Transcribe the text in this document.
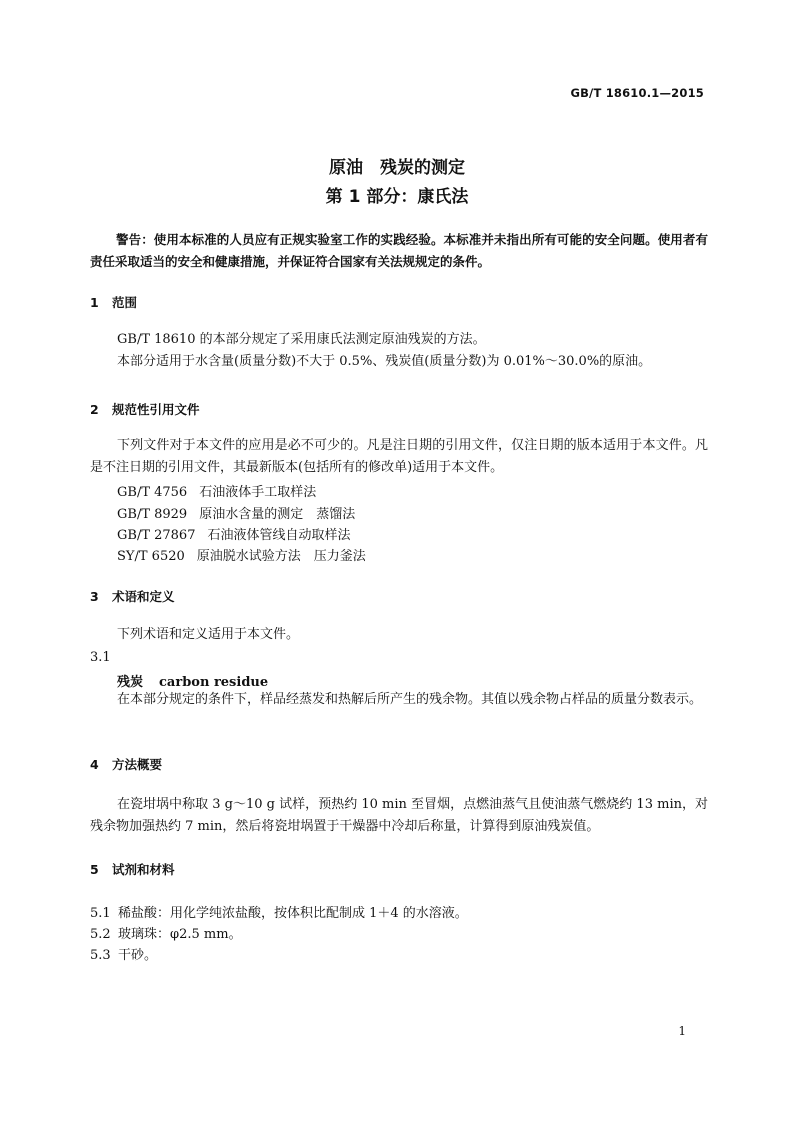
GB/T 18610.1—2015
原油　残炭的测定
第 1 部分：康氏法
警告：使用本标准的人员应有正规实验室工作的实践经验。本标准并未指出所有可能的安全问题。使用者有责任采取适当的安全和健康措施，并保证符合国家有关法规规定的条件。
1 范围
GB/T 18610 的本部分规定了采用康氏法测定原油残炭的方法。
本部分适用于水含量(质量分数)不大于 0.5%、残炭值(质量分数)为 0.01%～30.0%的原油。
2 规范性引用文件
下列文件对于本文件的应用是必不可少的。凡是注日期的引用文件，仅注日期的版本适用于本文件。凡是不注日期的引用文件，其最新版本(包括所有的修改单)适用于本文件。
GB/T 4756 石油液体手工取样法
GB/T 8929 原油水含量的测定　蒸馏法
GB/T 27867 石油液体管线自动取样法
SY/T 6520 原油脱水试验方法　压力釜法
3 术语和定义
下列术语和定义适用于本文件。
3.1
残炭 carbon residue
在本部分规定的条件下，样品经蒸发和热解后所产生的残余物。其值以残余物占样品的质量分数表示。
4 方法概要
在瓷坩埚中称取 3 g～10 g 试样，预热约 10 min 至冒烟，点燃油蒸气且使油蒸气燃烧约 13 min，对残余物加强热约 7 min，然后将瓷坩埚置于干燥器中冷却后称量，计算得到原油残炭值。
5 试剂和材料
5.1 稀盐酸：用化学纯浓盐酸，按体积比配制成 1＋4 的水溶液。
5.2 玻璃珠：φ2.5 mm。
5.3 干砂。
1
